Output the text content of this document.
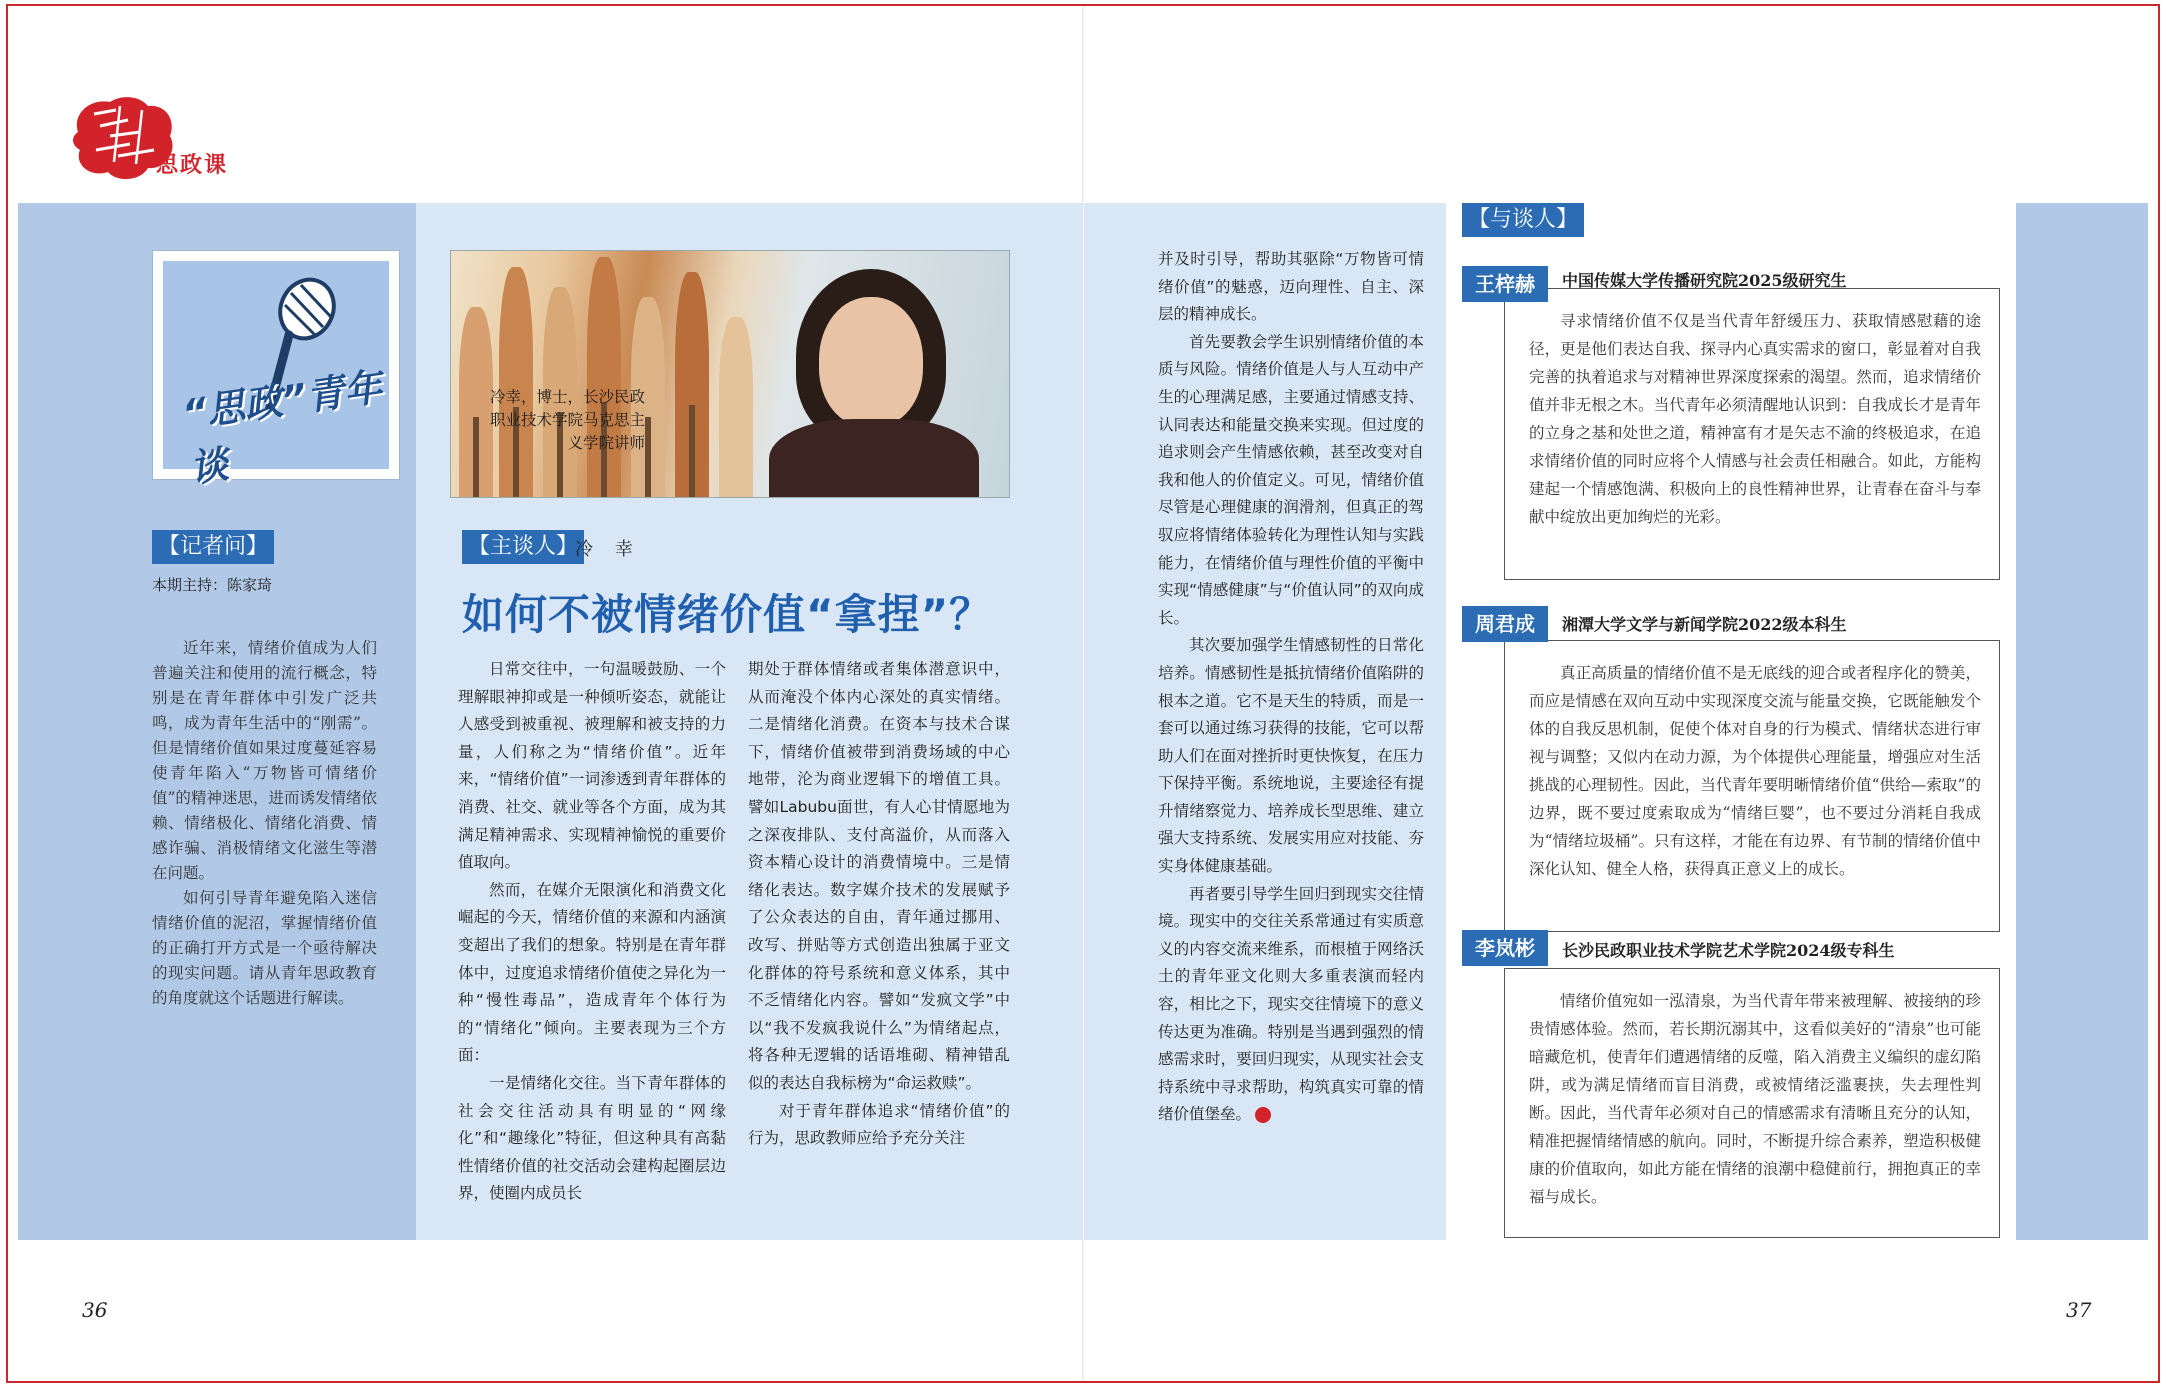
思政课
“思政”青年谈
【记者问】
本期主持：陈家琦

近年来，情绪价值成为人们普遍关注和使用的流行概念，特别是在青年群体中引发广泛共鸣，成为青年生活中的“刚需”。但是情绪价值如果过度蔓延容易使青年陷入“万物皆可情绪价值”的精神迷思，进而诱发情绪依赖、情绪极化、情绪化消费、情感诈骗、消极情绪文化滋生等潜在问题。

如何引导青年避免陷入迷信情绪价值的泥沼，掌握情绪价值的正确打开方式是一个亟待解决的现实问题。请从青年思政教育的角度就这个话题进行解读。

冷幸，博士，长沙民政职业技术学院马克思主义学院讲师
【主谈人】
冷 幸
如何不被情绪价值“拿捏”？

日常交往中，一句温暖鼓励、一个理解眼神抑或是一种倾听姿态，就能让人感受到被重视、被理解和被支持的力量，人们称之为“情绪价值”。近年来，“情绪价值”一词渗透到青年群体的消费、社交、就业等各个方面，成为其满足精神需求、实现精神愉悦的重要价值取向。

然而，在媒介无限演化和消费文化崛起的今天，情绪价值的来源和内涵演变超出了我们的想象。特别是在青年群体中，过度追求情绪价值使之异化为一种“慢性毒品”，造成青年个体行为的“情绪化”倾向。主要表现为三个方面：

一是情绪化交往。当下青年群体的社会交往活动具有明显的“网缘化”和“趣缘化”特征，但这种具有高黏性情绪价值的社交活动会建构起圈层边界，使圈内成员长

期处于群体情绪或者集体潜意识中，从而淹没个体内心深处的真实情绪。二是情绪化消费。在资本与技术合谋下，情绪价值被带到消费场域的中心地带，沦为商业逻辑下的增值工具。譬如Labubu面世，有人心甘情愿地为之深夜排队、支付高溢价，从而落入资本精心设计的消费情境中。三是情绪化表达。数字媒介技术的发展赋予了公众表达的自由，青年通过挪用、改写、拼贴等方式创造出独属于亚文化群体的符号系统和意义体系，其中不乏情绪化内容。譬如“发疯文学”中以“我不发疯我说什么”为情绪起点，将各种无逻辑的话语堆砌、精神错乱似的表达自我标榜为“命运救赎”。

对于青年群体追求“情绪价值”的行为，思政教师应给予充分关注

并及时引导，帮助其驱除“万物皆可情绪价值”的魅惑，迈向理性、自主、深层的精神成长。

首先要教会学生识别情绪价值的本质与风险。情绪价值是人与人互动中产生的心理满足感，主要通过情感支持、认同表达和能量交换来实现。但过度的追求则会产生情感依赖，甚至改变对自我和他人的价值定义。可见，情绪价值尽管是心理健康的润滑剂，但真正的驾驭应将情绪体验转化为理性认知与实践能力，在情绪价值与理性价值的平衡中实现“情感健康”与“价值认同”的双向成长。

其次要加强学生情感韧性的日常化培养。情感韧性是抵抗情绪价值陷阱的根本之道。它不是天生的特质，而是一套可以通过练习获得的技能，它可以帮助人们在面对挫折时更快恢复，在压力下保持平衡。系统地说，主要途径有提升情绪察觉力、培养成长型思维、建立强大支持系统、发展实用应对技能、夯实身体健康基础。

再者要引导学生回归到现实交往情境。现实中的交往关系常通过有实质意义的内容交流来维系，而根植于网络沃土的青年亚文化则大多重表演而轻内容，相比之下，现实交往情境下的意义传达更为准确。特别是当遇到强烈的情感需求时，要回归现实，从现实社会支持系统中寻求帮助，构筑真实可靠的情绪价值堡垒。

【与谈人】

寻求情绪价值不仅是当代青年舒缓压力、获取情感慰藉的途径，更是他们表达自我、探寻内心真实需求的窗口，彰显着对自我完善的执着追求与对精神世界深度探索的渴望。然而，追求情绪价值并非无根之木。当代青年必须清醒地认识到：自我成长才是青年的立身之基和处世之道，精神富有才是矢志不渝的终极追求，在追求情绪价值的同时应将个人情感与社会责任相融合。如此，方能构建起一个情感饱满、积极向上的良性精神世界，让青春在奋斗与奉献中绽放出更加绚烂的光彩。

王梓赫	中国传媒大学传播研究院2025级研究生

真正高质量的情绪价值不是无底线的迎合或者程序化的赞美，而应是情感在双向互动中实现深度交流与能量交换，它既能触发个体的自我反思机制，促使个体对自身的行为模式、情绪状态进行审视与调整；又似内在动力源，为个体提供心理能量，增强应对生活挑战的心理韧性。因此，当代青年要明晰情绪价值“供给—索取”的边界，既不要过度索取成为“情绪巨婴”，也不要过分消耗自我成为“情绪垃圾桶”。只有这样，才能在有边界、有节制的情绪价值中深化认知、健全人格，获得真正意义上的成长。

周君成	湘潭大学文学与新闻学院2022级本科生

情绪价值宛如一泓清泉，为当代青年带来被理解、被接纳的珍贵情感体验。然而，若长期沉溺其中，这看似美好的“清泉”也可能暗藏危机，使青年们遭遇情绪的反噬，陷入消费主义编织的虚幻陷阱，或为满足情绪而盲目消费，或被情绪泛滥裹挟，失去理性判断。因此，当代青年必须对自己的情感需求有清晰且充分的认知，精准把握情绪情感的航向。同时，不断提升综合素养，塑造积极健康的价值取向，如此方能在情绪的浪潮中稳健前行，拥抱真正的幸福与成长。

李岚彬	长沙民政职业技术学院艺术学院2024级专科生
36	37
